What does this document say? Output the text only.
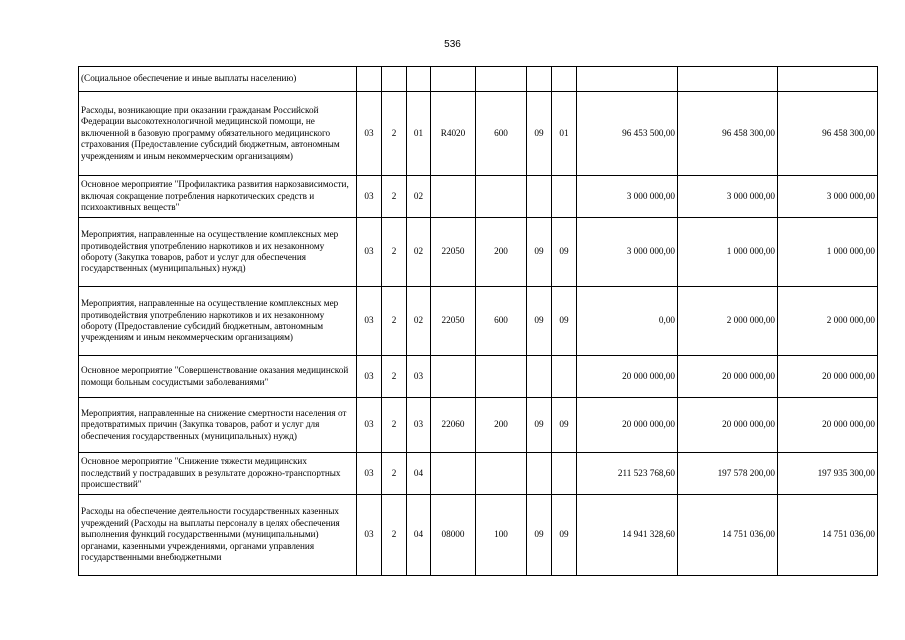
536
(Социальное обеспечение и иные выплаты населению)										
Расходы, возникающие при оказании гражданам Российской Федерации высокотехнологичной медицинской помощи, не включенной в базовую программу обязательного медицинского страхования (Предоставление субсидий бюджетным, автономным учреждениям и иным некоммерческим организациям)	03	2	01	R4020	600	09	01	96 453 500,00	96 458 300,00	96 458 300,00
Основное мероприятие "Профилактика развития наркозависимости, включая сокращение потребления наркотических средств и психоактивных веществ"	03	2	02					3 000 000,00	3 000 000,00	3 000 000,00
Мероприятия, направленные на осуществление комплексных мер противодействия употреблению наркотиков и их незаконному обороту (Закупка товаров, работ и услуг для обеспечения государственных (муниципальных) нужд)	03	2	02	22050	200	09	09	3 000 000,00	1 000 000,00	1 000 000,00
Мероприятия, направленные на осуществление комплексных мер противодействия употреблению наркотиков и их незаконному обороту (Предоставление субсидий бюджетным, автономным учреждениям и иным некоммерческим организациям)	03	2	02	22050	600	09	09	0,00	2 000 000,00	2 000 000,00
Основное мероприятие "Совершенствование оказания медицинской помощи больным сосудистыми заболеваниями"	03	2	03					20 000 000,00	20 000 000,00	20 000 000,00
Мероприятия, направленные на снижение смертности населения от предотвратимых причин (Закупка товаров, работ и услуг для обеспечения государственных (муниципальных) нужд)	03	2	03	22060	200	09	09	20 000 000,00	20 000 000,00	20 000 000,00
Основное мероприятие "Снижение тяжести медицинских последствий у пострадавших в результате дорожно-транспортных происшествий"	03	2	04					211 523 768,60	197 578 200,00	197 935 300,00
Расходы на обеспечение деятельности государственных казенных учреждений (Расходы на выплаты персоналу в целях обеспечения выполнения функций государственными (муниципальными) органами, казенными учреждениями, органами управления государственными внебюджетными	03	2	04	08000	100	09	09	14 941 328,60	14 751 036,00	14 751 036,00
